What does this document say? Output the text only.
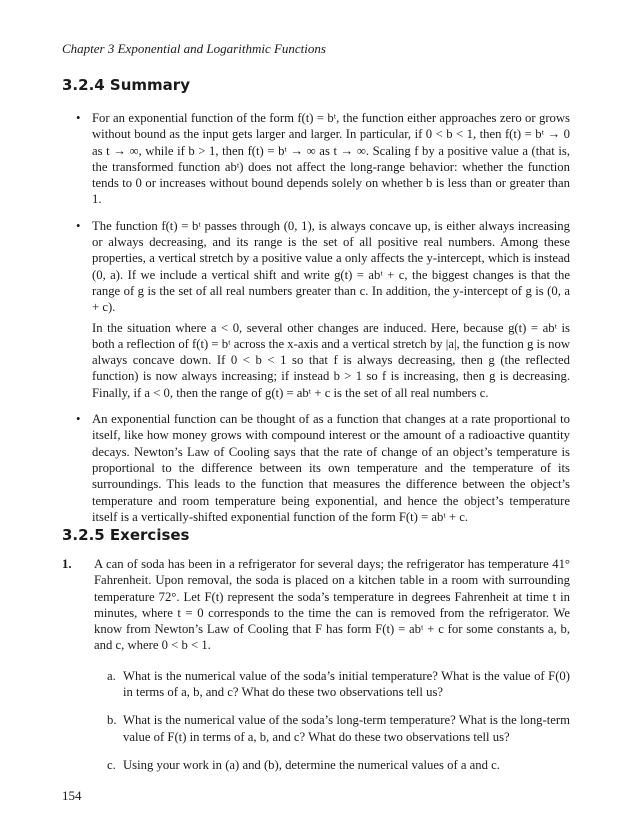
Chapter 3 Exponential and Logarithmic Functions
3.2.4 Summary
• For an exponential function of the form f(t) = bᵗ, the function either approaches zero or grows without bound as the input gets larger and larger. In particular, if 0 < b < 1, then f(t) = bᵗ → 0 as t → ∞, while if b > 1, then f(t) = bᵗ → ∞ as t → ∞. Scaling f by a positive value a (that is, the transformed function abᵗ) does not affect the long-range behavior: whether the function tends to 0 or increases without bound depends solely on whether b is less than or greater than 1.
• The function f(t) = bᵗ passes through (0, 1), is always concave up, is either always increasing or always decreasing, and its range is the set of all positive real numbers. Among these properties, a vertical stretch by a positive value a only affects the y-intercept, which is instead (0, a). If we include a vertical shift and write g(t) = abᵗ + c, the biggest changes is that the range of g is the set of all real numbers greater than c. In addition, the y-intercept of g is (0, a + c).
In the situation where a < 0, several other changes are induced. Here, because g(t) = abᵗ is both a reflection of f(t) = bᵗ across the x-axis and a vertical stretch by |a|, the function g is now always concave down. If 0 < b < 1 so that f is always decreasing, then g (the reflected function) is now always increasing; if instead b > 1 so f is increasing, then g is decreasing. Finally, if a < 0, then the range of g(t) = abᵗ + c is the set of all real numbers c.
• An exponential function can be thought of as a function that changes at a rate proportional to itself, like how money grows with compound interest or the amount of a radioactive quantity decays. Newton’s Law of Cooling says that the rate of change of an object’s temperature is proportional to the difference between its own temperature and the temperature of its surroundings. This leads to the function that measures the difference between the object’s temperature and room temperature being exponential, and hence the object’s temperature itself is a vertically-shifted exponential function of the form F(t) = abᵗ + c.
3.2.5 Exercises
1. A can of soda has been in a refrigerator for several days; the refrigerator has temperature 41° Fahrenheit. Upon removal, the soda is placed on a kitchen table in a room with surrounding temperature 72°. Let F(t) represent the soda’s temperature in degrees Fahrenheit at time t in minutes, where t = 0 corresponds to the time the can is removed from the refrigerator. We know from Newton’s Law of Cooling that F has form F(t) = abᵗ + c for some constants a, b, and c, where 0 < b < 1.
a. What is the numerical value of the soda’s initial temperature? What is the value of F(0) in terms of a, b, and c? What do these two observations tell us?
b. What is the numerical value of the soda’s long-term temperature? What is the long-term value of F(t) in terms of a, b, and c? What do these two observations tell us?
c. Using your work in (a) and (b), determine the numerical values of a and c.
154
